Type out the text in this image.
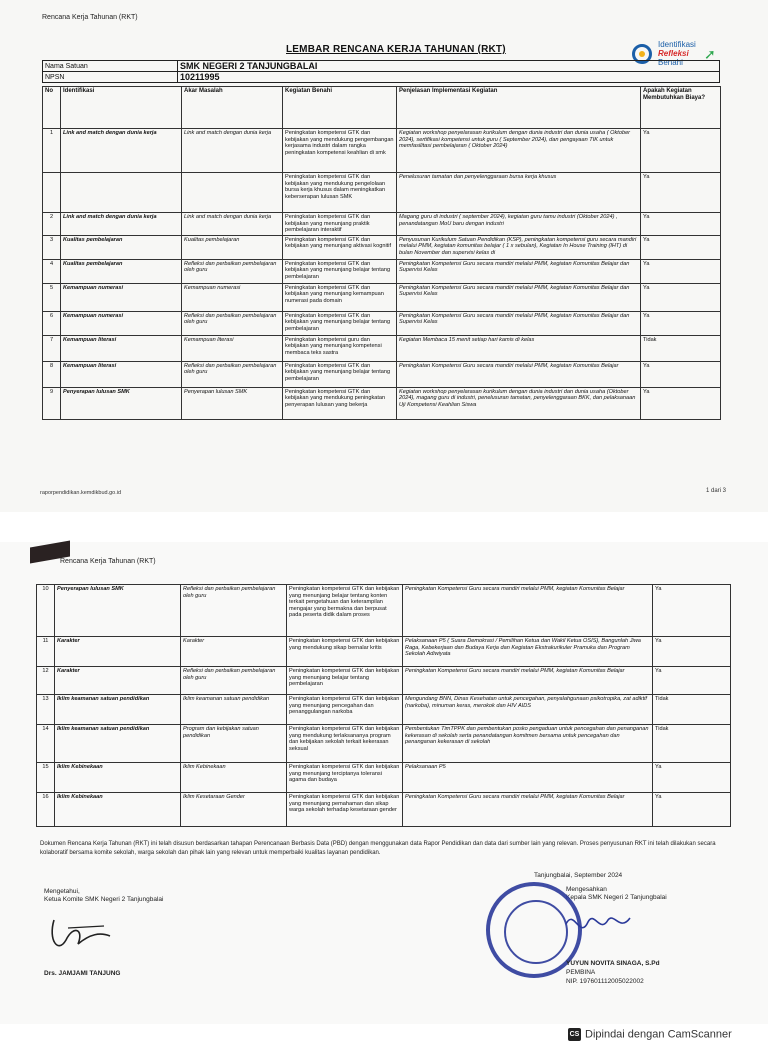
Rencana Kerja Tahunan (RKT)
LEMBAR RENCANA KERJA TAHUNAN (RKT)	Identifikasi
Refleksi
Benahi
➚
Nama Satuan	SMK NEGERI 2 TANJUNGBALAI
NPSN	10211995
No	Identifikasi	Akar Masalah	Kegiatan Benahi	Penjelasan Implementasi Kegiatan	Apakah Kegiatan Membutuhkan Biaya?
1	Link and match dengan dunia kerja	Link and match dengan dunia kerja	Peningkatan kompetensi GTK dan kebijakan yang mendukung pengembangan kerjasama industri dalam rangka peningkatan kompetensi keahlian di smk	Kegiatan workshop penyelarasan kurikulum dengan dunia industri dan dunia usaha ( Oktober 2024), sertifikasi kompetensi untuk guru ( September 2024), dan pengayaan TIK untuk memfasilitasi pembelajaran ( Oktober 2024)	Ya
			Peningkatan kompetensi GTK dan kebijakan yang mendukung pengelolaan bursa kerja khusus dalam meningkatkan keberserapan lulusan SMK	Penelusuran tamatan dan penyelenggaraan bursa kerja khusus	Ya
2	Link and match dengan dunia kerja	Link and match dengan dunia kerja	Peningkatan kompetensi GTK dan kebijakan yang menunjang praktik pembelajaran interaktif	Magang guru di industri ( september 2024), kegiatan guru tamu industri (Oktober 2024) , penandatangan MoU baru dengan industri	Ya
3	Kualitas pembelajaran	Kualitas pembelajaran	Peningkatan kompetensi GTK dan kebijakan yang menunjang aktivasi kognitif	Penyusunan Kurikulum Satuan Pendidikan (KSP), peningkatan kompetensi guru secara mandiri melalui PMM, kegiatan komunitas belajar ( 1 x sebulan), Kegiatan In House Training (IHT) di bulan November dan supervisi kelas di	Ya
4	Kualitas pembelajaran	Refleksi dan perbaikan pembelajaran oleh guru	Peningkatan kompetensi GTK dan kebijakan yang menunjang belajar tentang pembelajaran	Peningkatan Kompetensi Guru secara mandiri melalui PMM, kegiatan Komunitas Belajar dan Supervisi Kelas	Ya
5	Kemampuan numerasi	Kemampuan numerasi	Peningkatan kompetensi GTK dan kebijakan yang menunjang kemampuan numerasi pada domain	Peningkatan Kompetensi Guru secara mandiri melalui PMM, kegiatan Komunitas Belajar dan Supervisi Kelas	Ya
6	Kemampuan numerasi	Refleksi dan perbaikan pembelajaran oleh guru	Peningkatan kompetensi GTK dan kebijakan yang menunjang belajar tentang pembelajaran	Peningkatan Kompetensi Guru secara mandiri melalui PMM, kegiatan Komunitas Belajar dan Supervisi Kelas	Ya
7	Kemampuan literasi	Kemampuan literasi	Peningkatan kompetensi guru dan kebijakan yang menunjang kompetensi membaca teks sastra	Kegiatan Membaca 15 menit setiap hari kamis di kelas	Tidak
8	Kemampuan literasi	Refleksi dan perbaikan pembelajaran oleh guru	Peningkatan kompetensi GTK dan kebijakan yang menunjang belajar tentang pembelajaran	Peningkatan Kompetensi Guru secara mandiri melalui PMM, kegiatan Komunitas Belajar	Ya
9	Penyerapan lulusan SMK	Penyerapan lulusan SMK	Peningkatan kompetensi GTK dan kebijakan yang mendukung peningkatan penyerapan lulusan yang bekerja	Kegiatan workshop penyelarasan kurikulum dengan dunia industri dan dunia usaha (Oktober 2024), magang guru di industri, penelusuran tamatan, penyelenggaraan BKK, dan pelaksanaan Uji Kompetensi Keahlian Siswa	Ya
raporpendidikan.kemdikbud.go.id	1 dari 3
CS Dipindai dengan CamScanner
Rencana Kerja Tahunan (RKT)
10	Penyerapan lulusan SMK	Refleksi dan perbaikan pembelajaran oleh guru	Peningkatan kompetensi GTK dan kebijakan yang menunjang belajar tentang konten terkait pengetahuan dan keterampilan mengajar yang bermakna dan berpusat pada peserta didik dalam proses	Peningkatan Kompetensi Guru secara mandiri melalui PMM, kegiatan Komunitas Belajar	Ya
11	Karakter	Karakter	Peningkatan kompetensi GTK dan kebijakan yang mendukung sikap bernalar kritis	Pelaksanaan P5 ( Suara Demokrasi / Pemilihan Ketua dan Wakil Ketua OSIS), Bangunlah Jiwa Raga, Kebekerjaan dan Budaya Kerja dan Kegiatan Ekstrakurikuler Pramuka dan Program Sekolah Adiwiyata	Ya
12	Karakter	Refleksi dan perbaikan pembelajaran oleh guru	Peningkatan kompetensi GTK dan kebijakan yang menunjang belajar tentang pembelajaran	Peningkatan Kompetensi Guru secara mandiri melalui PMM, kegiatan Komunitas Belajar	Ya
13	Iklim keamanan satuan pendidikan	Iklim keamanan satuan pendidikan	Peningkatan kompetensi GTK dan kebijakan yang menunjang pencegahan dan penanggulangan narkoba	Mengundang BNN, Dinas Kesehatan untuk pencegahan, penyalahgunaan psikotropika, zat adiktif (narkoba), minuman keras, merokok dan HIV AIDS	Tidak
14	Iklim keamanan satuan pendidikan	Program dan kebijakan satuan pendidikan	Peningkatan kompetensi GTK dan kebijakan yang mendukung terlaksananya program dan kebijakan sekolah terkait kekerasan seksual	Pembentukan TimTPPK dan pembentukan posko pengaduan untuk pencegahan dan penanganan kekerasan di sekolah serta penandatangan komitmen bersama untuk pencegahan dan penanganan kekerasan di sekolah	Tidak
15	Iklim Kebinekaan	Iklim Kebinekaan	Peningkatan kompetensi GTK dan kebijakan yang menunjang terciptanya toleransi agama dan budaya	Pelaksanaan P5	Ya
16	Iklim Kebinekaan	Iklim Kesetaraan Gender	Peningkatan kompetensi GTK dan kebijakan yang menunjang pemahaman dan sikap warga sekolah terhadap kesetaraan gender	Peningkatan Kompetensi Guru secara mandiri melalui PMM, kegiatan Komunitas Belajar	Ya
Dokumen Rencana Kerja Tahunan (RKT) ini telah disusun berdasarkan tahapan Perencanaan Berbasis Data (PBD) dengan menggunakan data Rapor Pendidikan dan data dari sumber lain yang relevan. Proses penyusunan RKT ini telah dilakukan secara kolaboratif bersama komite sekolah, warga sekolah dan pihak lain yang relevan untuk memperbaiki kualitas layanan pendidikan.
Tanjungbalai, September 2024
Mengetahui,
Ketua Komite SMK Negeri 2 Tanjungbalai
Drs. JAMJAMI TANJUNG
Mengesahkan
Kepala SMK Negeri 2 Tanjungbalai
YUYUN NOVITA SINAGA, S.Pd
PEMBINA
NIP. 197601112005022002
